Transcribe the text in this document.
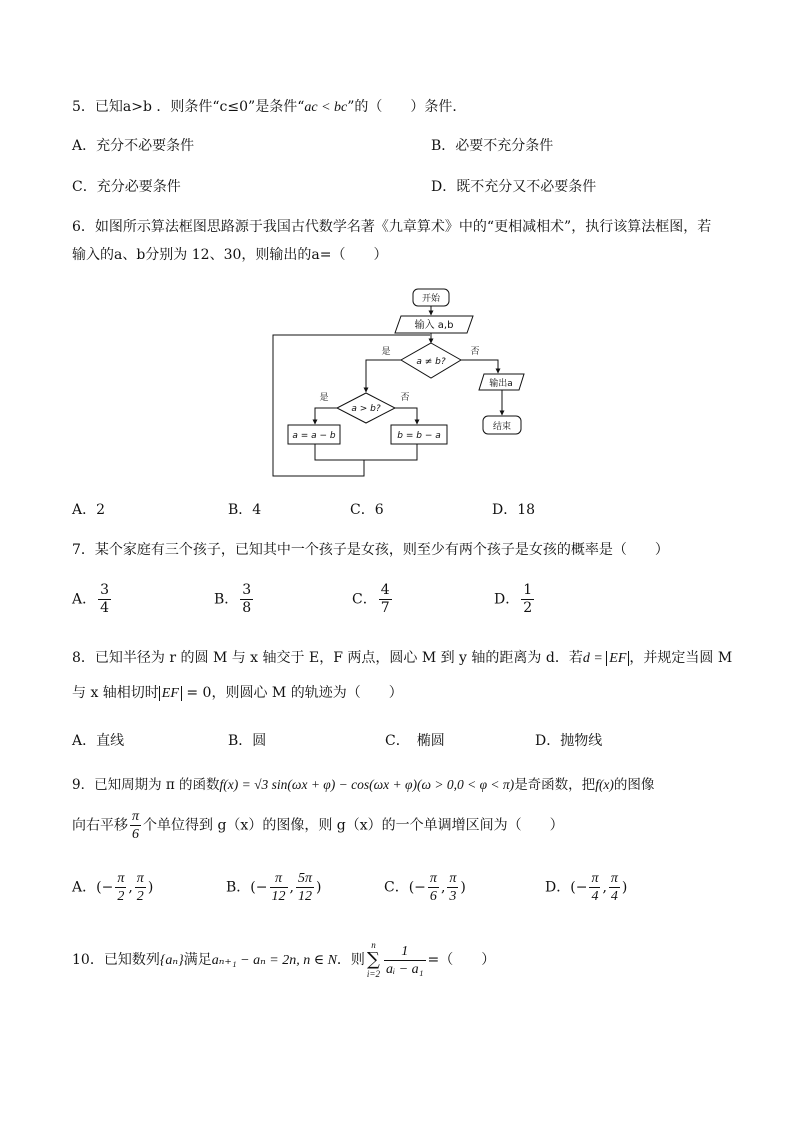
5．已知a>b ．则条件“c≤0”是条件“ac < bc”的（　　）条件．
A．充分不必要条件	B．必要不充分条件
C．充分必要条件	D．既不充分又不必要条件
6．如图所示算法框图思路源于我国古代数学名著《九章算术》中的“更相减相术”，执行该算法框图，若
输入的a、b分别为 12、30，则输出的a=（　　）
开始
输入 a,b
a ≠ b?
是	否
输出a
结束
a > b?
是	否
a = a − b	b = b − a
A．2	B．4	C．6	D．18
7．某个家庭有三个孩子，已知其中一个孩子是女孩，则至少有两个孩子是女孩的概率是（　　）
A． $\frac{3}{4}$	B． $\frac{3}{8}$	C． $\frac{4}{7}$	D． $\frac{1}{2}$
8．已知半径为 r 的圆 M 与 x 轴交于 E，F 两点，圆心 M 到 y 轴的距离为 d．若d = EF ，并规定当圆 M
与 x 轴相切时 EF = 0，则圆心 M 的轨迹为（　　）
A．直线	B．圆	C．　椭圆	D．抛物线
9．已知周期为 π 的函数f(x) = √3 sin(ωx + φ) − cos(ωx + φ)(ω > 0,0 < φ < π)是奇函数，把f(x)的图像
向右平移 $\frac{\pi}{6}$ 个单位得到 g（x）的图像，则 g（x）的一个单调增区间为（　　）
A．(− $\frac{\pi}{2}$ , $\frac{\pi}{2}$ )	B．(− $\frac{\pi}{12}$ , $\frac{5\pi}{12}$ )	C．(− $\frac{\pi}{6}$ , $\frac{\pi}{3}$ )	D．(− $\frac{\pi}{4}$ , $\frac{\pi}{4}$ )
10．已知数列{aₙ}满足aₙ₊₁ − aₙ = 2n, n ∈ N．则
n
∑
$i=2 \frac{1}{\text{aᵢ − a₁}}$ =（　　）
